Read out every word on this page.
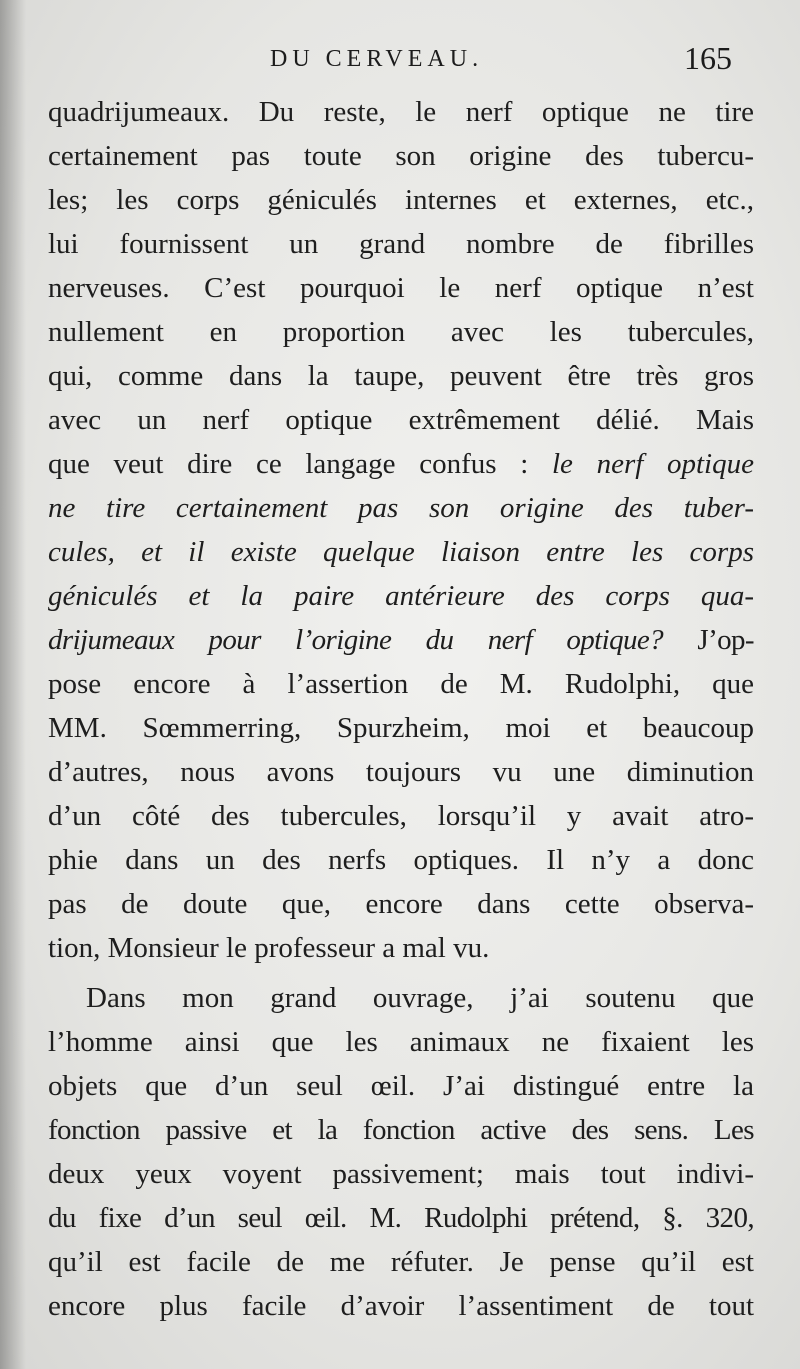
DU CERVEAU.	165
quadrijumeaux. Du reste, le nerf optique ne tire
certainement pas toute son origine des tubercu-
les; les corps géniculés internes et externes, etc.,
lui fournissent un grand nombre de fibrilles
nerveuses. C’est pourquoi le nerf optique n’est
nullement en proportion avec les tubercules,
qui, comme dans la taupe, peuvent être très gros
avec un nerf optique extrêmement délié. Mais
que veut dire ce langage confus : le nerf optique
ne tire certainement pas son origine des tuber-
cules, et il existe quelque liaison entre les corps
géniculés et la paire antérieure des corps qua-
drijumeaux pour l’origine du nerf optique? J’op-
pose encore à l’assertion de M. Rudolphi, que
MM. Sœmmerring, Spurzheim, moi et beaucoup
d’autres, nous avons toujours vu une diminution
d’un côté des tubercules, lorsqu’il y avait atro-
phie dans un des nerfs optiques. Il n’y a donc
pas de doute que, encore dans cette observa-
tion, Monsieur le professeur a mal vu.
Dans mon grand ouvrage, j’ai soutenu que
l’homme ainsi que les animaux ne fixaient les
objets que d’un seul œil. J’ai distingué entre la
fonction passive et la fonction active des sens. Les
deux yeux voyent passivement; mais tout indivi-
du fixe d’un seul œil. M. Rudolphi prétend, §. 320,
qu’il est facile de me réfuter. Je pense qu’il est
encore plus facile d’avoir l’assentiment de tout
